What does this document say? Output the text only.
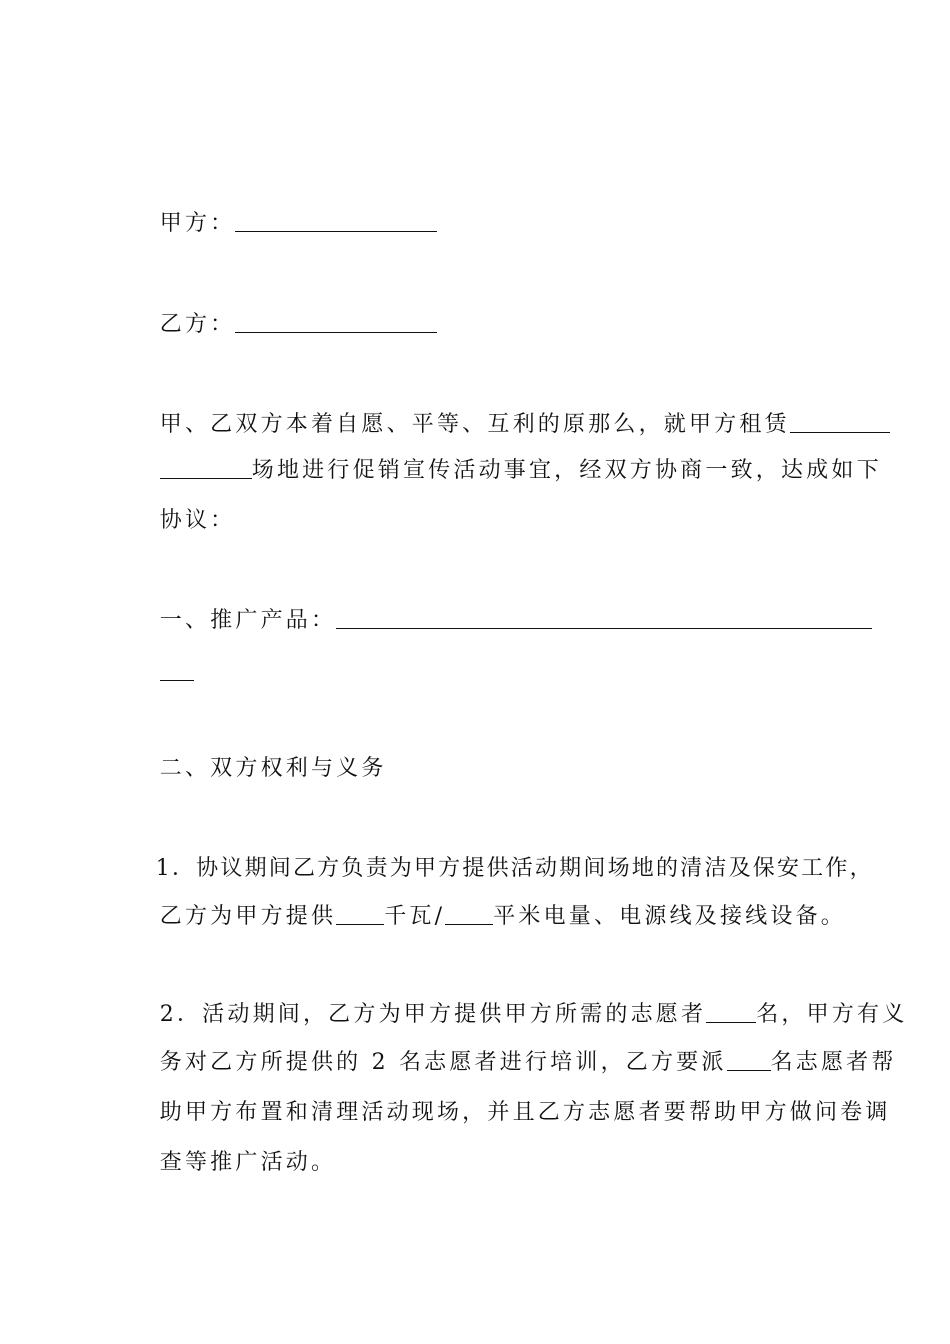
甲方：

乙方：

甲、乙双方本着自愿、平等、互利的原那么，就甲方租赁

场地进行促销宣传活动事宜，经双方协商一致，达成如下

协议：

一、推广产品：

二、双方权利与义务

1．协议期间乙方负责为甲方提供活动期间场地的清洁及保安工作，

乙方为甲方提供 千瓦/ 平米电量、电源线及接线设备。

2．活动期间，乙方为甲方提供甲方所需的志愿者 名，甲方有义

务对乙方所提供的 2 名志愿者进行培训，乙方要派 名志愿者帮

助甲方布置和清理活动现场，并且乙方志愿者要帮助甲方做问卷调

查等推广活动。
